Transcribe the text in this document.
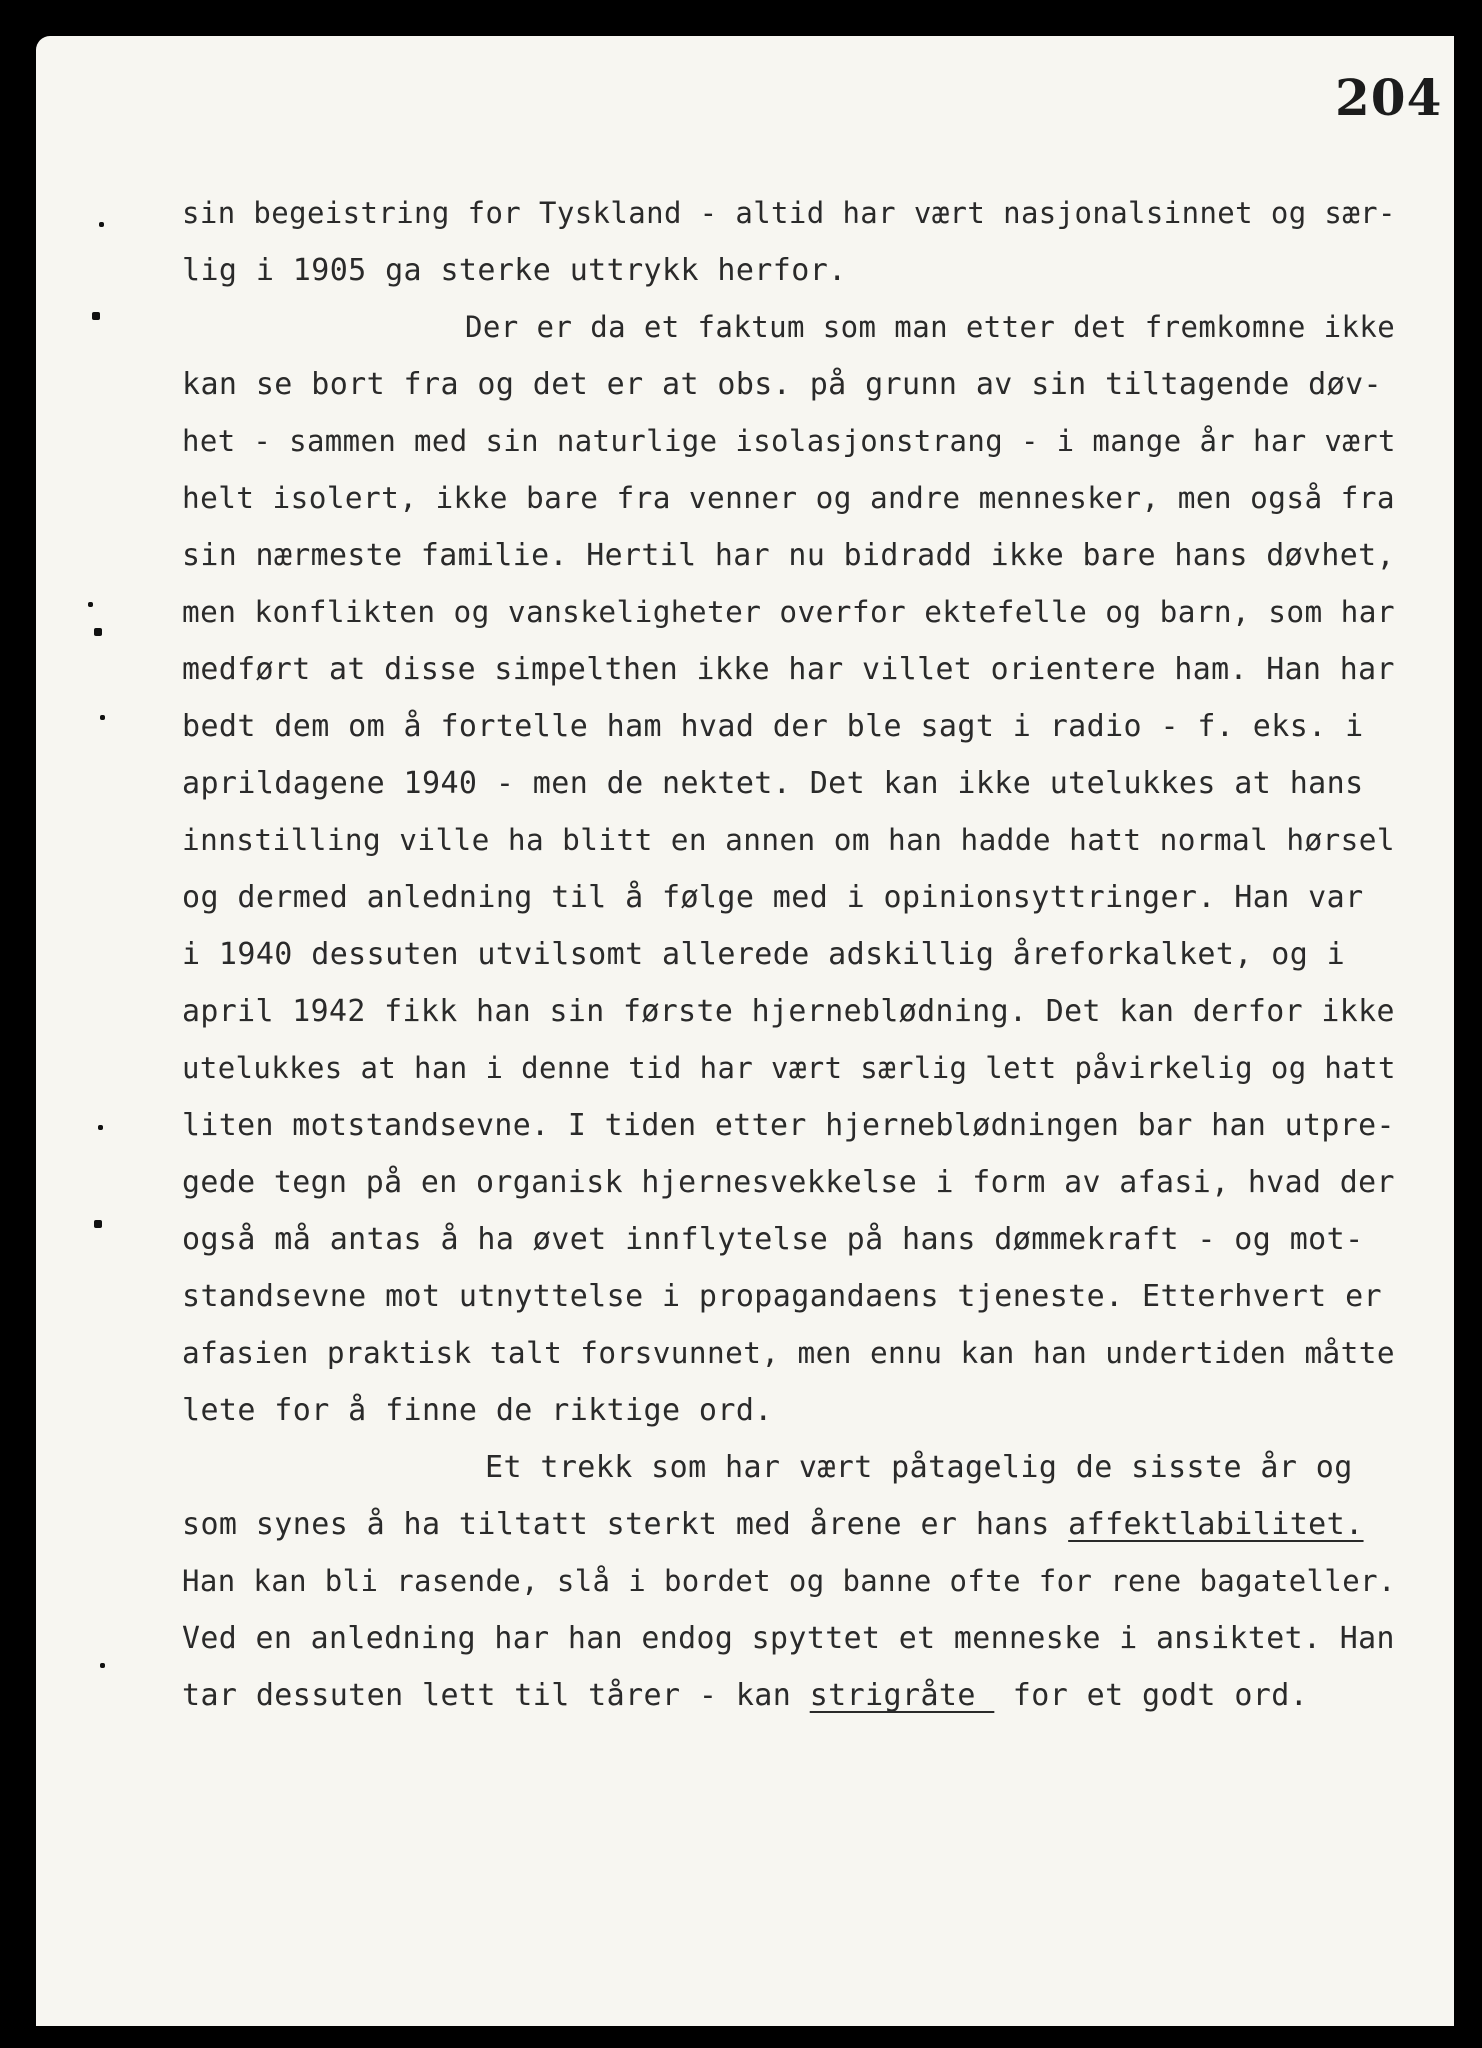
204
sin begeistring for Tyskland - altid har vært nasjonalsinnet og sær-
lig i 1905 ga sterke uttrykk herfor.
Der er da et faktum som man etter det fremkomne ikke
kan se bort fra og det er at obs. på grunn av sin tiltagende døv-
het - sammen med sin naturlige isolasjonstrang - i mange år har vært
helt isolert, ikke bare fra venner og andre mennesker, men også fra
sin nærmeste familie. Hertil har nu bidradd ikke bare hans døvhet,
men konflikten og vanskeligheter overfor ektefelle og barn, som har
medført at disse simpelthen ikke har villet orientere ham. Han har
bedt dem om å fortelle ham hvad der ble sagt i radio - f. eks. i
aprildagene 1940 - men de nektet. Det kan ikke utelukkes at hans
innstilling ville ha blitt en annen om han hadde hatt normal hørsel
og dermed anledning til å følge med i opinionsyttringer. Han var
i 1940 dessuten utvilsomt allerede adskillig åreforkalket, og i
april 1942 fikk han sin første hjerneblødning. Det kan derfor ikke
utelukkes at han i denne tid har vært særlig lett påvirkelig og hatt
liten motstandsevne. I tiden etter hjerneblødningen bar han utpre-
gede tegn på en organisk hjernesvekkelse i form av afasi, hvad der
også må antas å ha øvet innflytelse på hans dømmekraft - og mot-
standsevne mot utnyttelse i propagandaens tjeneste. Etterhvert er
afasien praktisk talt forsvunnet, men ennu kan han undertiden måtte
lete for å finne de riktige ord.
Et trekk som har vært påtagelig de sisste år og
som synes å ha tiltatt sterkt med årene er hans affektlabilitet.
Han kan bli rasende, slå i bordet og banne ofte for rene bagateller.
Ved en anledning har han endog spyttet et menneske i ansiktet. Han
tar dessuten lett til tårer - kan strigråte  for et godt ord.
